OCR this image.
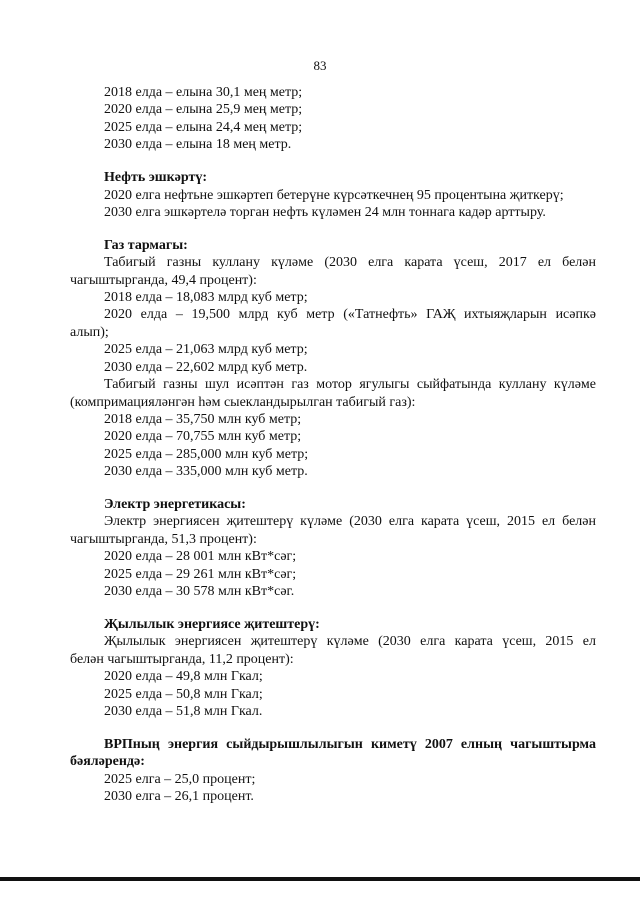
83

2018 елда – елына 30,1 мең метр;

2020 елда – елына 25,9 мең метр;

2025 елда – елына 24,4 мең метр;

2030 елда – елына 18 мең метр.

Нефть эшкәртү:

2020 елга нефтьне эшкәртеп бетерүне күрсәткечнең 95 процентына җиткерү;

2030 елга эшкәртелә торган нефть күләмен 24 млн тоннага кадәр арттыру.

Газ тармагы:

Табигый газны куллану күләме (2030 елга карата үсеш, 2017 ел белән

чагыштырганда, 49,4 процент):

2018 елда – 18,083 млрд куб метр;

2020 елда – 19,500 млрд куб метр («Татнефть» ГАҖ ихтыяҗларын исәпкә

алып);

2025 елда – 21,063 млрд куб метр;

2030 елда – 22,602 млрд куб метр.

Табигый газны шул исәптән газ мотор ягулыгы сыйфатында куллану күләме

(компримацияләнгән һәм сыекландырылган табигый газ):

2018 елда – 35,750 млн куб метр;

2020 елда – 70,755 млн куб метр;

2025 елда – 285,000 млн куб метр;

2030 елда – 335,000 млн куб метр.

Электр энергетикасы:

Электр энергиясен җитештерү күләме (2030 елга карата үсеш, 2015 ел белән

чагыштырганда, 51,3 процент):

2020 елда – 28 001 млн кВт*сәг;

2025 елда – 29 261 млн кВт*сәг;

2030 елда – 30 578 млн кВт*сәг.

Җылылык энергиясе җитештерү:

Җылылык энергиясен җитештерү күләме (2030 елга карата үсеш, 2015 ел

белән чагыштырганда, 11,2 процент):

2020 елда – 49,8 млн Гкал;

2025 елда – 50,8 млн Гкал;

2030 елда – 51,8 млн Гкал.

ВРПның энергия сыйдырышлылыгын киметү 2007 елның чагыштырма

бәяләрендә:

2025 елга – 25,0 процент;

2030 елга – 26,1 процент.
